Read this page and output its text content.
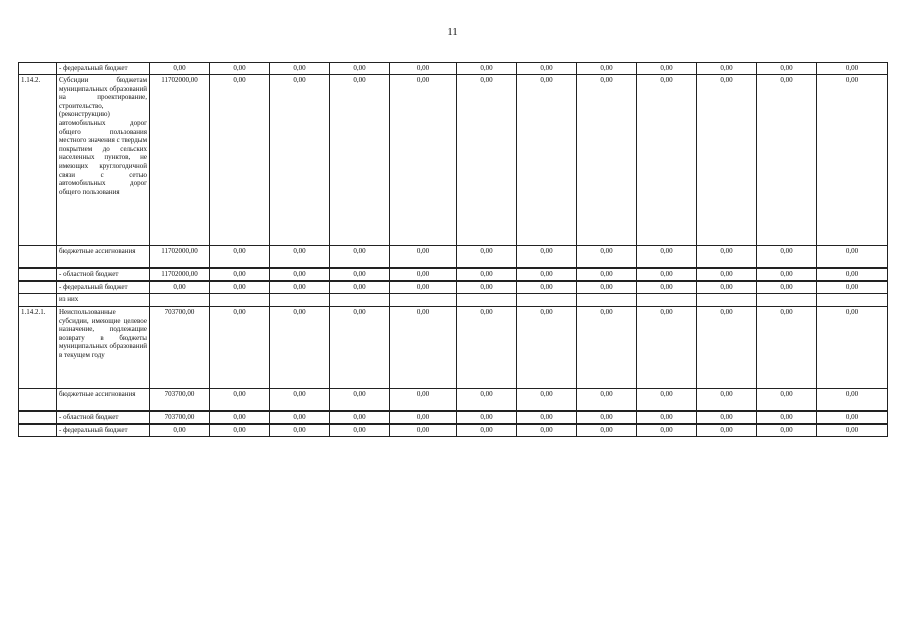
11
	- федеральный бюджет	0,00	0,00	0,00	0,00	0,00	0,00	0,00	0,00	0,00	0,00	0,00	0,00
1.14.2.	Субсидии бюджетам муниципальных образований на проектирование, строительство, (реконструкцию) автомобильных дорог общего пользования местного значения с твердым покрытием до сельских населенных пунктов, не имеющих круглогодичной связи с сетью автомобильных дорог общего пользования	11702000,00	0,00	0,00	0,00	0,00	0,00	0,00	0,00	0,00	0,00	0,00	0,00
	бюджетные ассигнования	11702000,00	0,00	0,00	0,00	0,00	0,00	0,00	0,00	0,00	0,00	0,00	0,00
	- областной бюджет	11702000,00	0,00	0,00	0,00	0,00	0,00	0,00	0,00	0,00	0,00	0,00	0,00
	- федеральный бюджет	0,00	0,00	0,00	0,00	0,00	0,00	0,00	0,00	0,00	0,00	0,00	0,00
	из них												
1.14.2.1.	Неиспользованные субсидии, имеющие целевое назначение, подлежащие возврату в бюджеты муниципальных образований в текущем году	703700,00	0,00	0,00	0,00	0,00	0,00	0,00	0,00	0,00	0,00	0,00	0,00
	бюджетные ассигнования	703700,00	0,00	0,00	0,00	0,00	0,00	0,00	0,00	0,00	0,00	0,00	0,00
	- областной бюджет	703700,00	0,00	0,00	0,00	0,00	0,00	0,00	0,00	0,00	0,00	0,00	0,00
	- федеральный бюджет	0,00	0,00	0,00	0,00	0,00	0,00	0,00	0,00	0,00	0,00	0,00	0,00
